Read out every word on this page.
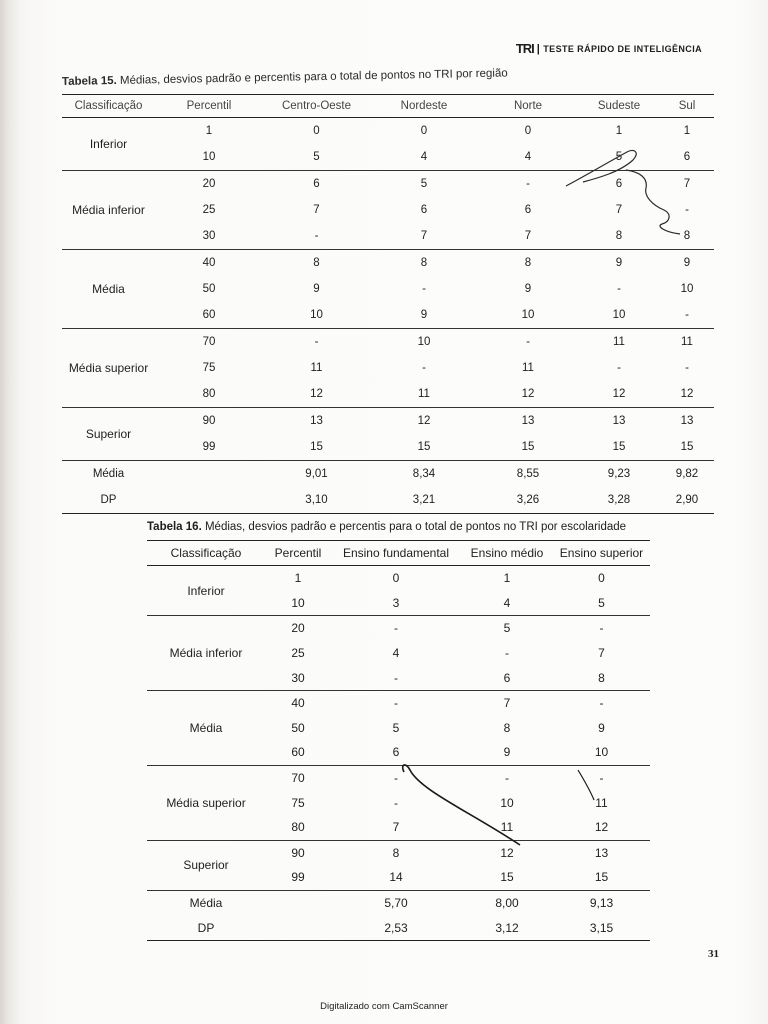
TRI | TESTE RÁPIDO DE INTELIGÊNCIA
Tabela 15. Médias, desvios padrão e percentis para o total de pontos no TRI por região
Classificação	Percentil	Centro-Oeste	Nordeste	Norte	Sudeste	Sul
Inferior	1	0	0	0	1	1
	10	5	4	4	5	6
Média inferior	20	6	5	-	6	7
	25	7	6	6	7	-
	30	-	7	7	8	8
Média	40	8	8	8	9	9
	50	9	-	9	-	10
	60	10	9	10	10	-
Média superior	70	-	10	-	11	11
	75	11	-	11	-	-
	80	12	11	12	12	12
Superior	90	13	12	13	13	13
	99	15	15	15	15	15
Média		9,01	8,34	8,55	9,23	9,82
DP		3,10	3,21	3,26	3,28	2,90
Tabela 16. Médias, desvios padrão e percentis para o total de pontos no TRI por escolaridade
Classificação	Percentil	Ensino fundamental	Ensino médio	Ensino superior
Inferior	1	0	1	0
	10	3	4	5
Média inferior	20	-	5	-
	25	4	-	7
	30	-	6	8
Média	40	-	7	-
	50	5	8	9
	60	6	9	10
Média superior	70	-	-	-
	75	-	10	11
	80	7	11	12
Superior	90	8	12	13
	99	14	15	15
Média		5,70	8,00	9,13
DP		2,53	3,12	3,15
31
Digitalizado com CamScanner
